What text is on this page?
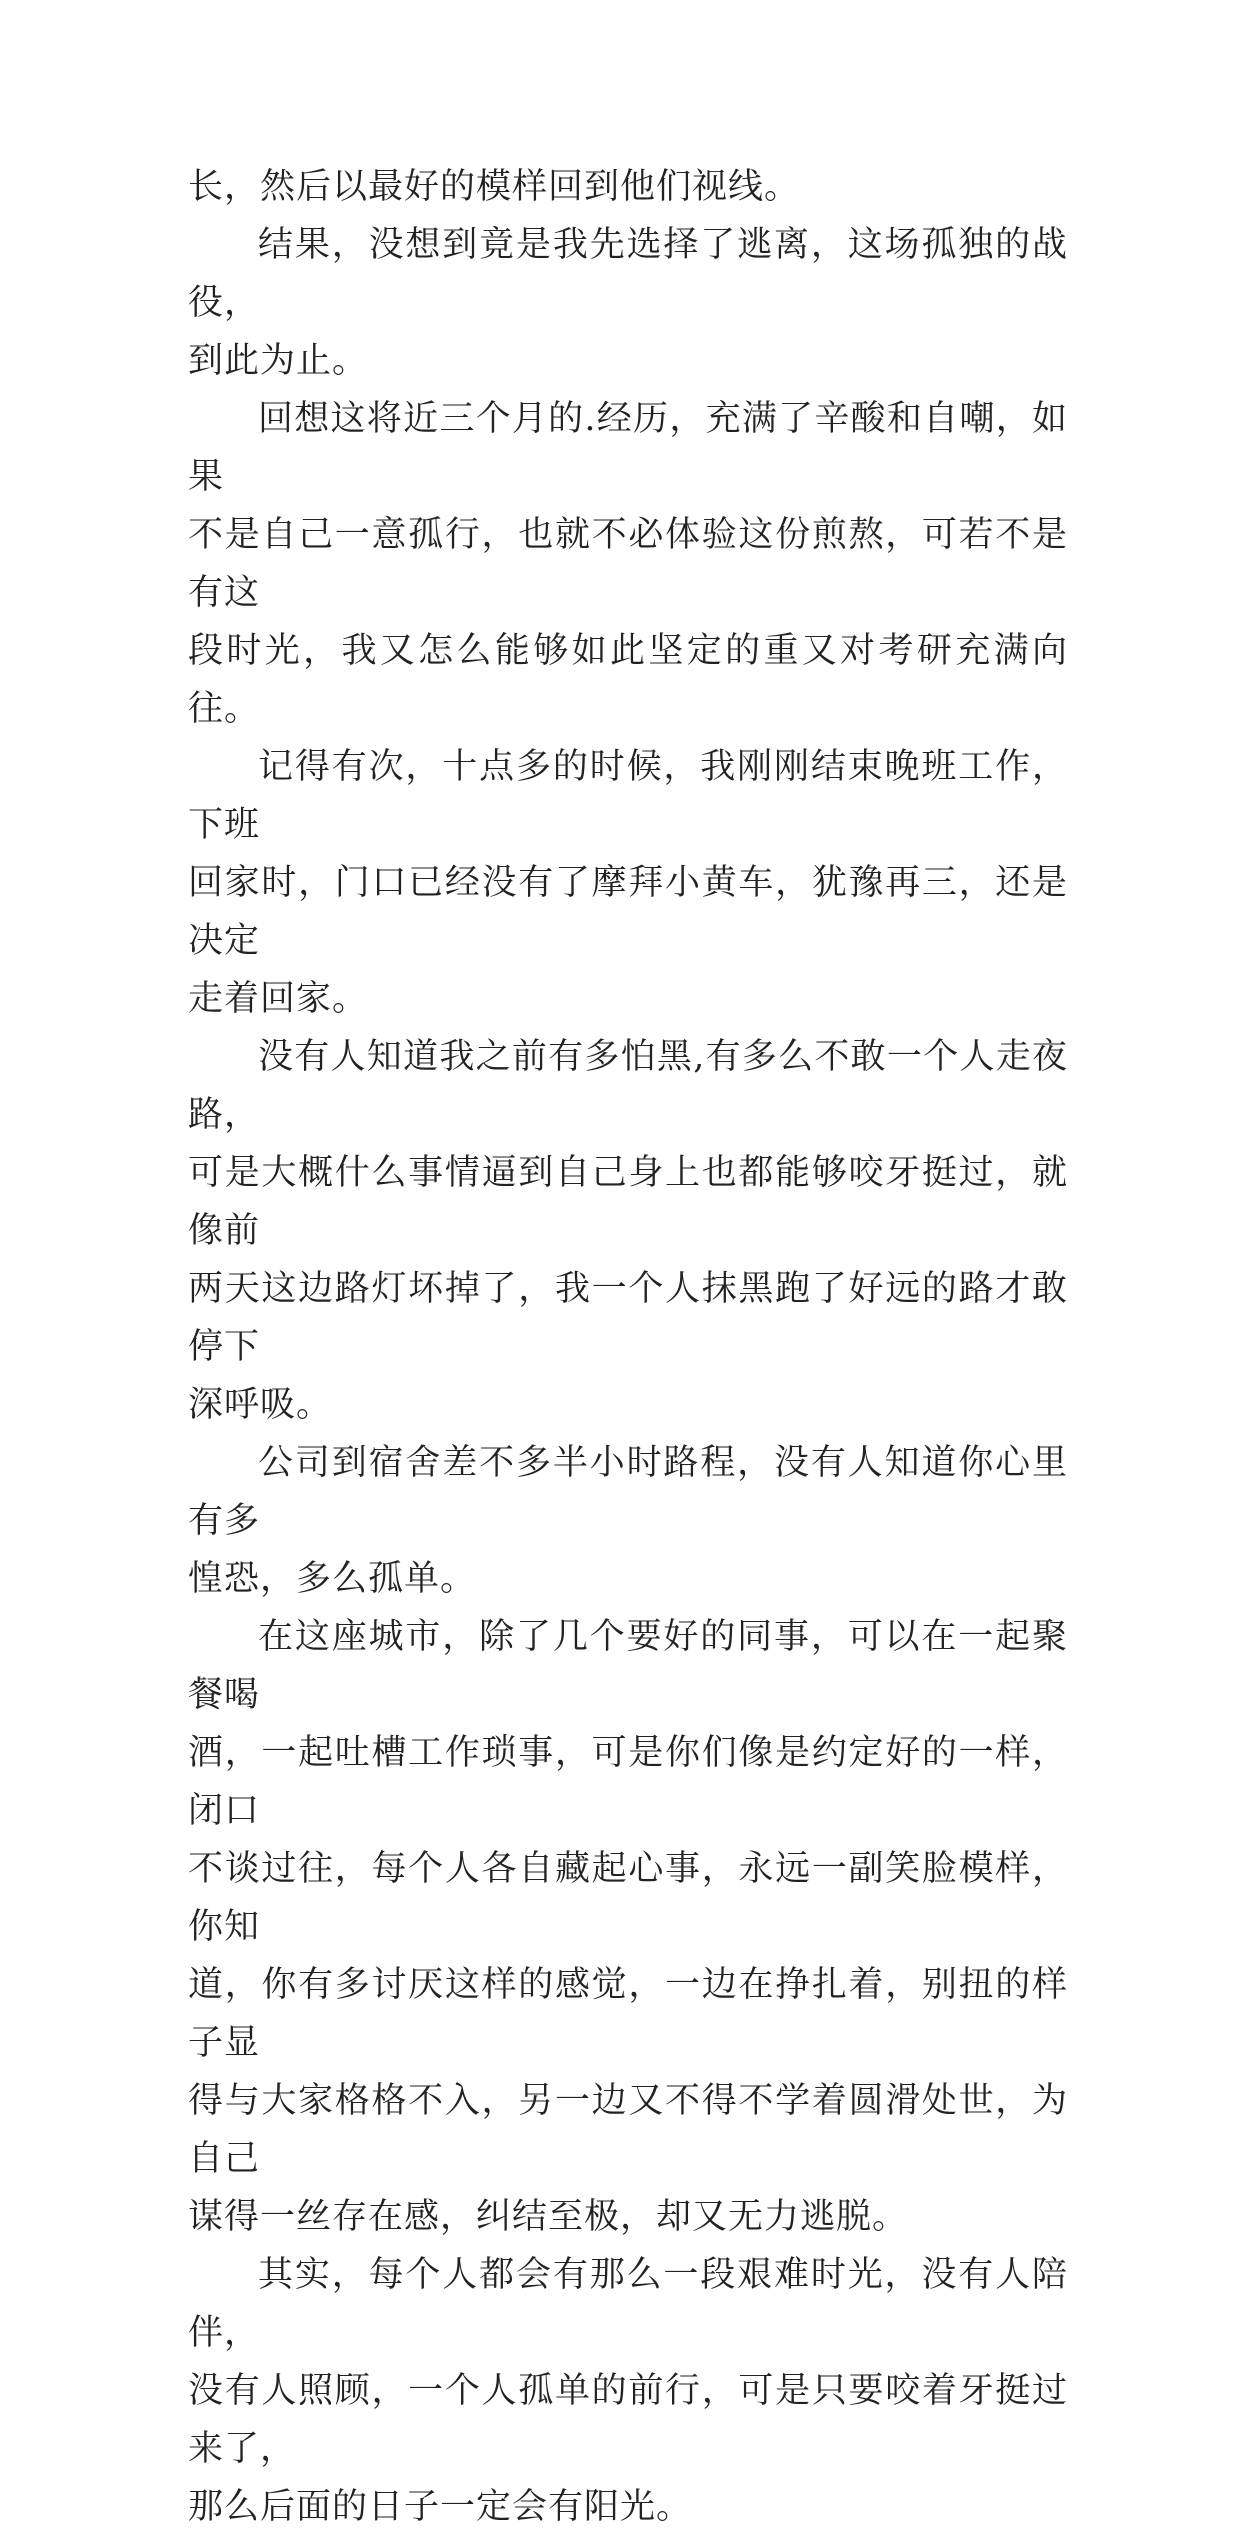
长，然后以最好的模样回到他们视线。

结果，没想到竟是我先选择了逃离，这场孤独的战役，
到此为止。

回想这将近三个月的.经历，充满了辛酸和自嘲，如果
不是自己一意孤行，也就不必体验这份煎熬，可若不是有这
段时光，我又怎么能够如此坚定的重又对考研充满向往。

记得有次，十点多的时候，我刚刚结束晚班工作，下班
回家时，门口已经没有了摩拜小黄车，犹豫再三，还是决定
走着回家。

没有人知道我之前有多怕黑,有多么不敢一个人走夜路，
可是大概什么事情逼到自己身上也都能够咬牙挺过，就像前
两天这边路灯坏掉了，我一个人抹黑跑了好远的路才敢停下
深呼吸。

公司到宿舍差不多半小时路程，没有人知道你心里有多
惶恐，多么孤单。

在这座城市，除了几个要好的同事，可以在一起聚餐喝
酒，一起吐槽工作琐事，可是你们像是约定好的一样，闭口
不谈过往，每个人各自藏起心事，永远一副笑脸模样，你知
道，你有多讨厌这样的感觉，一边在挣扎着，别扭的样子显
得与大家格格不入，另一边又不得不学着圆滑处世，为自己
谋得一丝存在感，纠结至极，却又无力逃脱。

其实，每个人都会有那么一段艰难时光，没有人陪伴，
没有人照顾，一个人孤单的前行，可是只要咬着牙挺过来了，
那么后面的日子一定会有阳光。
